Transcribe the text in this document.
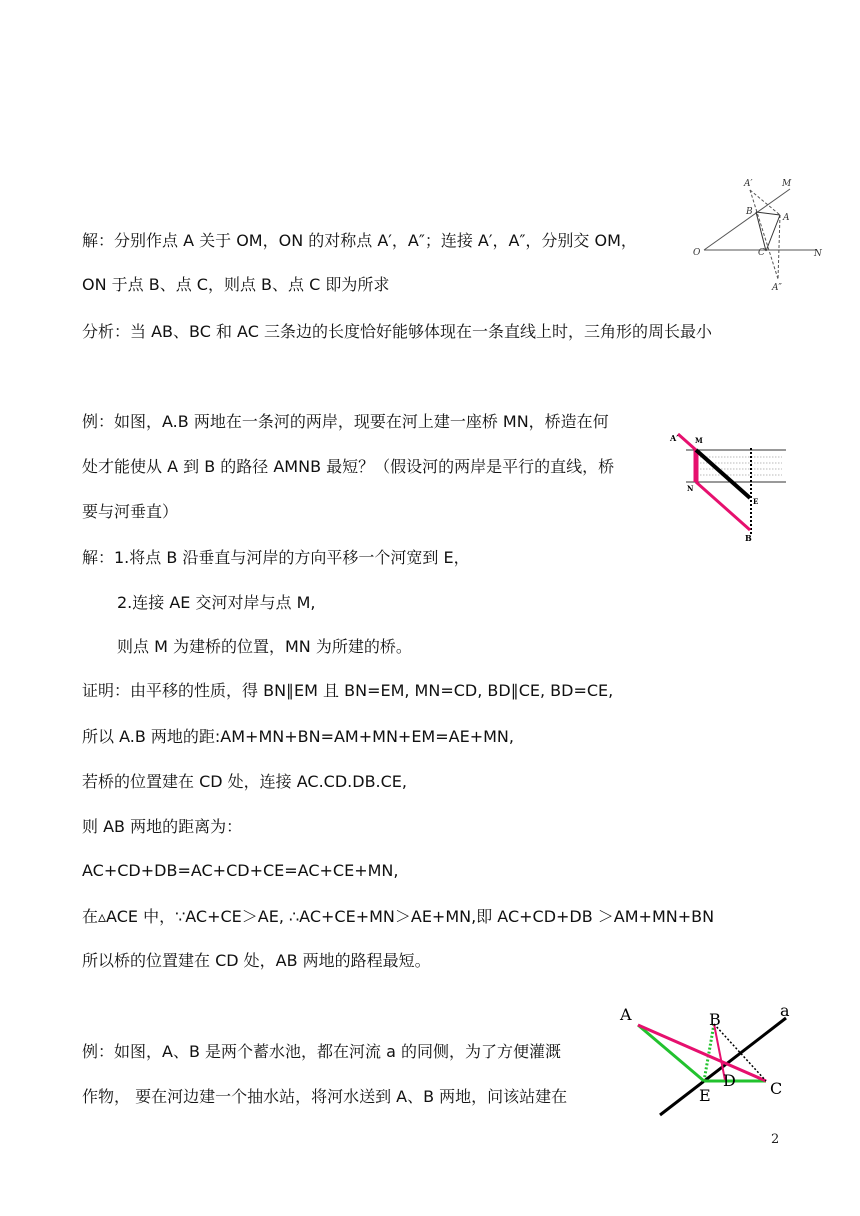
解：分别作点 A 关于 OM，ON 的对称点 A′，A″；连接 A′，A″，分别交 OM，
ON 于点 B、点 C，则点 B、点 C 即为所求
分析：当 AB、BC 和 AC 三条边的长度恰好能够体现在一条直线上时，三角形的周长最小
例：如图，A.B 两地在一条河的两岸，现要在河上建一座桥 MN，桥造在何
处才能使从 A 到 B 的路径 AMNB 最短？（假设河的两岸是平行的直线，桥
要与河垂直）
解：1.将点 B 沿垂直与河岸的方向平移一个河宽到 E，
2.连接 AE 交河对岸与点 M,
则点 M 为建桥的位置，MN 为所建的桥。
证明：由平移的性质，得 BN∥EM 且 BN=EM, MN=CD, BD∥CE, BD=CE,
所以 A.B 两地的距:AM+MN+BN=AM+MN+EM=AE+MN,
若桥的位置建在 CD 处，连接 AC.CD.DB.CE,
则 AB 两地的距离为：
AC+CD+DB=AC+CD+CE=AC+CE+MN,
在▵ACE 中，∵AC+CE＞AE, ∴AC+CE+MN＞AE+MN,即 AC+CD+DB ＞AM+MN+BN
所以桥的位置建在 CD 处，AB 两地的路程最短。
例：如图，A、B 是两个蓄水池，都在河流 a 的同侧，为了方便灌溉
作物， 要在河边建一个抽水站，将河水送到 A、B 两地，问该站建在
A′	M
B
A
O	C	N
A″
A′ M
N
E
B
A	B	a
D C
E
2
